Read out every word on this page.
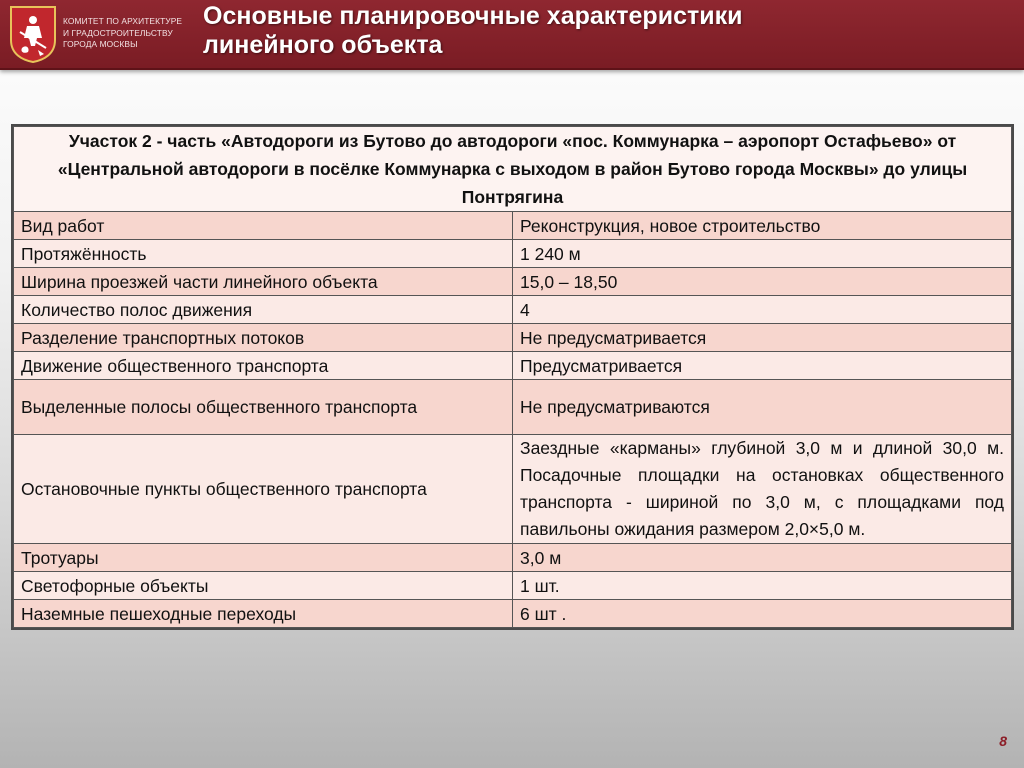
КОМИТЕТ ПО АРХИТЕКТУРЕ
И ГРАДОСТРОИТЕЛЬСТВУ
ГОРОДА МОСКВЫ
Основные планировочные характеристики
линейного объекта
Участок 2 - часть «Автодороги из Бутово до автодороги «пос. Коммунарка – аэропорт Остафьево» от «Центральной автодороги в посёлке Коммунарка с выходом в район Бутово города Москвы» до улицы Понтрягина	
Вид работ	Реконструкция, новое строительство
Протяжённость	1 240 м
Ширина проезжей части линейного объекта	15,0 – 18,50
Количество полос движения	4
Разделение транспортных потоков	Не предусматривается
Движение общественного транспорта	Предусматривается
Выделенные полосы общественного транспорта	Не предусматриваются
Остановочные пункты общественного транспорта	Заездные «карманы» глубиной 3,0 м и длиной 30,0 м. Посадочные площадки на остановках общественного транспорта - шириной по 3,0 м, с площадками под павильоны ожидания размером 2,0×5,0 м.
Тротуары	3,0 м
Светофорные объекты	1 шт.
Наземные пешеходные переходы	6 шт .
8
